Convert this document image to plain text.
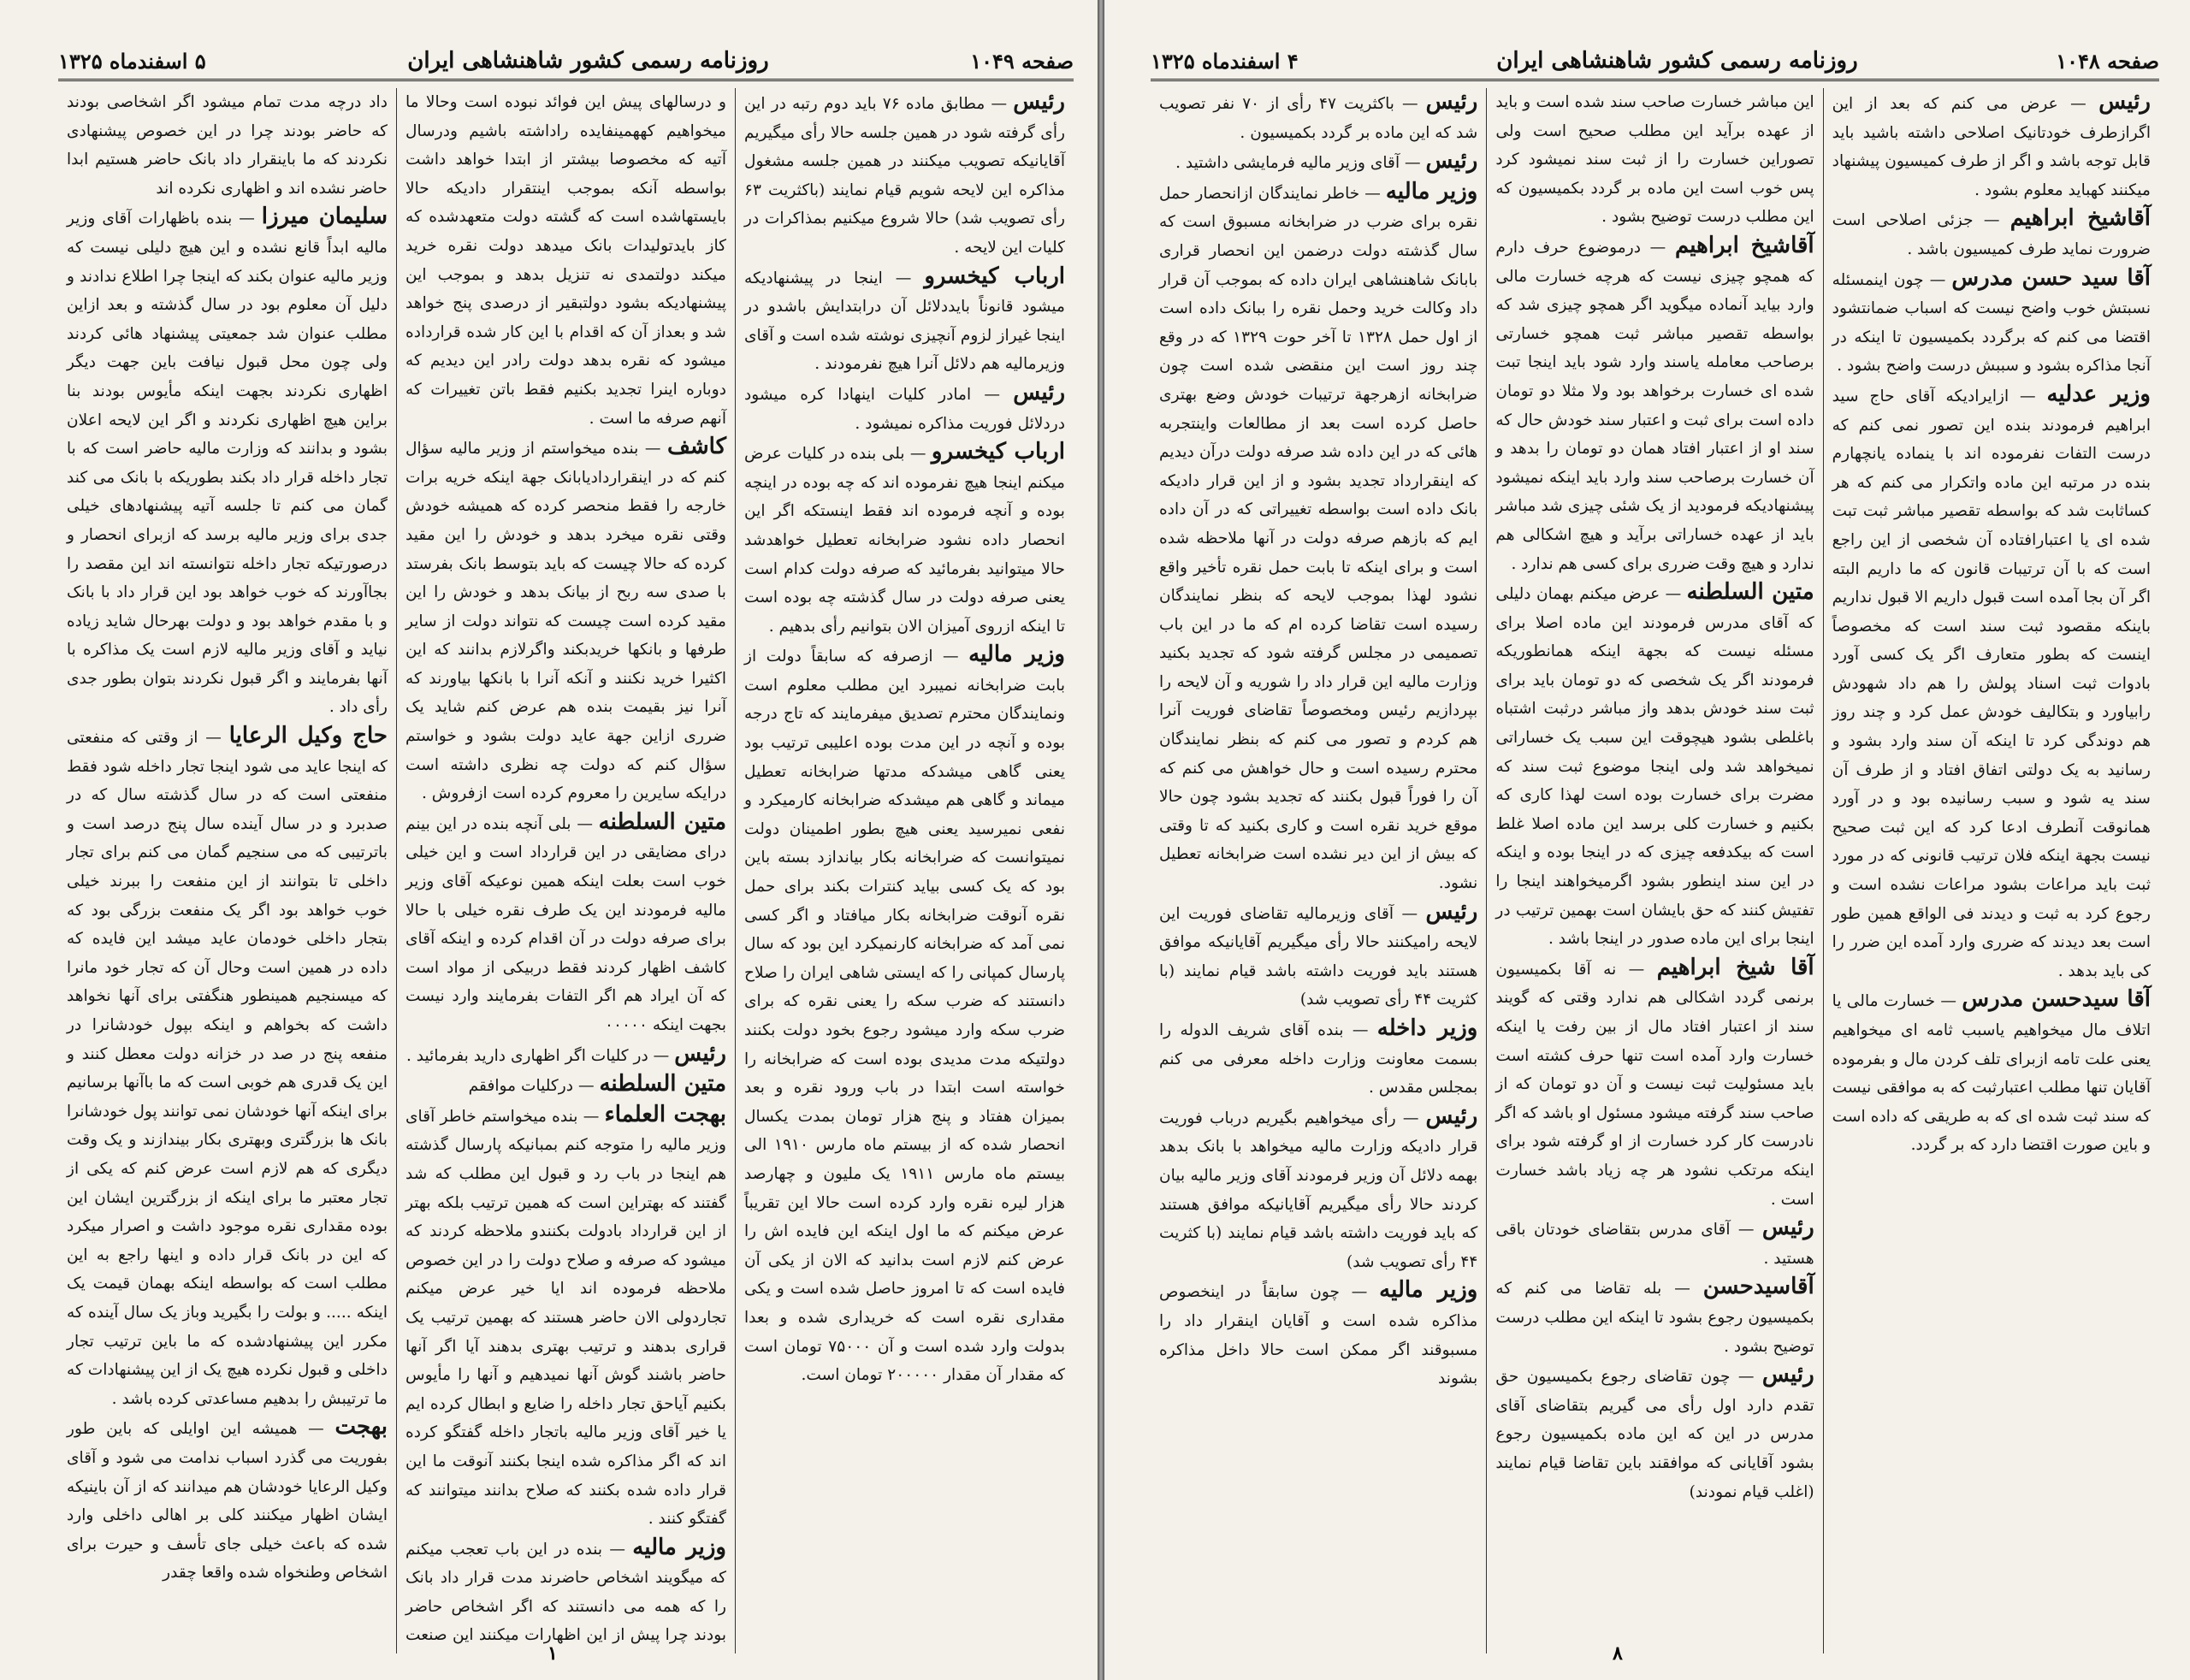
صفحه ۱۰۴۹
روزنامه رسمی کشور شاهنشاهی ایران
۵ اسفندماه ۱۳۲۵

رئیس — مطابق ماده ۷۶ باید دوم رتبه در این رأی گرفته شود در همین جلسه حالا رأی میگیریم آقایانیکه تصویب میکنند در همین جلسه مشغول مذاکره این لایحه شویم قیام نمایند (باکثریت ۶۳ رأی تصویب شد) حالا شروع میکنیم بمذاکرات در کلیات این لایحه .

ارباب کیخسرو — اینجا در پیشنهادیکه میشود قانوناً بایددلائل آن درابتدایش باشدو در اینجا غیراز لزوم آنچیزی نوشته شده است و آقای وزیرمالیه هم دلائل آنرا هیچ نفرمودند .

رئیس — امادر کلیات اینهادا کره میشود دردلائل فوریت مذاکره نمیشود .

ارباب کیخسرو — بلی بنده در کلیات عرض میکنم اینجا هیچ نفرموده اند که چه بوده در اینچه بوده و آنچه فرموده اند فقط اینستکه اگر این انحصار داده نشود ضرابخانه تعطیل خواهدشد حالا میتوانید بفرمائید که صرفه دولت کدام است یعنی صرفه دولت در سال گذشته چه بوده است تا اینکه ازروی آمیزان الان بتوانیم رأی بدهیم .

وزیر مالیه — ازصرفه که سابقاً دولت از بابت ضرابخانه نمیبرد این مطلب معلوم است ونمایندگان محترم تصدیق میفرمایند که تاج درجه بوده و آنچه در این مدت بوده اعلیبی ترتیب بود یعنی گاهی میشدکه مدتها ضرابخانه تعطیل میماند و گاهی هم میشدکه ضرابخانه کارمیکرد و نفعی نمیرسید یعنی هیچ بطور اطمینان دولت نمیتوانست که ضرابخانه بکار بیاندازد بسته باین بود که یک کسی بیاید کنترات بکند برای حمل نقره آنوقت ضرابخانه بکار میافتاد و اگر کسی نمی آمد که ضرابخانه کارنمیکرد این بود که سال پارسال کمپانی را که ایستی شاهی ایران را صلاح دانستند که ضرب سکه را یعنی نقره که برای ضرب سکه وارد میشود رجوع بخود دولت بکنند دولتیکه مدت مدیدی بوده است که ضرابخانه را خواسته است ابتدا در باب ورود نقره و بعد بمیزان هفتاد و پنج هزار تومان بمدت یکسال انحصار شده که از بیستم ماه مارس ۱۹۱۰ الی بیستم ماه مارس ۱۹۱۱ یک ملیون و چهارصد هزار لیره نقره وارد کرده است حالا این تقریباً عرض میکنم که ما اول اینکه این فایده اش را عرض کنم لازم است بدانید که الان از یکی آن فایده است که تا امروز حاصل شده است و یکی مقداری نقره است که خریداری شده و بعدا بدولت وارد شده است و آن ۷۵۰۰۰ تومان است که مقدار آن مقدار ۲۰۰۰۰۰ تومان است.

و درسالهای پیش این فوائد نبوده است وحالا ما میخواهیم کههمینفایده راداشته باشیم ودرسال آتیه که مخصوصا بیشتر از ابتدا خواهد داشت بواسطه آنکه بموجب اینتقرار دادیکه حالا بایستهاشده است که گشته دولت متعهدشده که کاز بایدتولیدات بانک میدهد دولت نقره خرید میکند دولتمدی نه تنزیل بدهد و بموجب این پیشنهادیکه بشود دولتبقیر از درصدی پنج خواهد شد و بعداز آن که اقدام با این کار شده قرارداده میشود که نقره بدهد دولت رادر این دیدیم که دوباره اینرا تجدید بکنیم فقط باتن تغییرات که آنهم صرفه ما است .

کاشف — بنده میخواستم از وزیر مالیه سؤال کنم که در اینقراردادیابانک جهة اینکه خریه برات خارجه را فقط منحصر کرده که همیشه خودش وقتی نقره میخرد بدهد و خودش را این مقید کرده که حالا چیست که باید بتوسط بانک بفرستد با صدی سه ربح از بیانک بدهد و خودش را این مقید کرده است چیست که نتواند دولت از سایر طرفها و بانکها خریدبکند واگرلازم بدانند که این اکثیرا خرید نکنند و آنکه آنرا با بانکها بیاورند که آنرا نیز بقیمت بنده هم عرض کنم شاید یک ضرری ازاین جهة عاید دولت بشود و خواستم سؤال کنم که دولت چه نظری داشته است درایکه سایرین را معروم کرده است ازفروش .

متین السلطنه — بلی آنچه بنده در این بینم درای مضایقی در این قرارداد است و این خیلی خوب است بعلت اینکه همین نوعیکه آقای وزیر مالیه فرمودند این یک طرف نقره خیلی با حالا برای صرفه دولت در آن اقدام کرده و اینکه آقای کاشف اظهار کردند فقط دربیکی از مواد است که آن ایراد هم اگر التفات بفرمایند وارد نیست بجهت اینکه ۰۰۰۰۰

رئیس — در کلیات اگر اظهاری دارید بفرمائید .

متین السلطنه — درکلیات موافقم

بهجت العلماء — بنده میخواستم خاطر آقای وزیر مالیه را متوجه کنم بمبانیکه پارسال گذشته هم اینجا در باب رد و قبول این مطلب که شد گفتند که بهتراین است که همین ترتیب بلکه بهتر از این قرارداد بادولت بکنندو ملاحظه کردند که میشود که صرفه و صلاح دولت را در این خصوص ملاحظه فرموده اند ایا خیر عرض میکنم تجاردولی الان حاضر هستند که بهمین ترتیب یک قراری بدهند و ترتیب بهتری بدهند آیا اگر آنها حاضر باشند گوش آنها نمیدهیم و آنها را مأیوس بکنیم آیاحق تجار داخله را ضایع و ابطال کرده ایم یا خیر آقای وزیر مالیه باتجار داخله گفتگو کرده اند که اگر مذاکره شده اینجا بکنند آنوقت ما این قرار داده شده بکنند که صلاح بدانند میتوانند که گفتگو کنند .

وزیر مالیه — بنده در این باب تعجب میکنم که میگویند اشخاص حاضرند مدت قرار داد بانک را که همه می دانستند که اگر اشخاص حاضر بودند چرا پیش از این اظهارات میکنند این صنعت

داد درچه مدت تمام میشود اگر اشخاصی بودند که حاضر بودند چرا در این خصوص پیشنهادی نکردند که ما باینقرار داد بانک حاضر هستیم ابدا حاضر نشده اند و اظهاری نکرده اند

سلیمان میرزا — بنده باظهارات آقای وزیر مالیه ابداً قانع نشده و این هیچ دلیلی نیست که وزیر مالیه عنوان بکند که اینجا چرا اطلاع ندادند و دلیل آن معلوم بود در سال گذشته و بعد ازاین مطلب عنوان شد جمعیتی پیشنهاد هائی کردند ولی چون محل قبول نیافت باین جهت دیگر اظهاری نکردند بجهت اینکه مأیوس بودند بنا براین هیچ اظهاری نکردند و اگر این لایحه اعلان بشود و بدانند که وزارت مالیه حاضر است که با تجار داخله قرار داد بکند بطوریکه با بانک می کند گمان می کنم تا جلسه آتیه پیشنهادهای خیلی جدی برای وزیر مالیه برسد که ازبرای انحصار و درصورتیکه تجار داخله نتوانسته اند این مقصد را بجاآورند که خوب خواهد بود این قرار داد با بانک و با مقدم خواهد بود و دولت بهرحال شاید زیاده نیاید و آقای وزیر مالیه لازم است یک مذاکره با آنها بفرمایند و اگر قبول نکردند بتوان بطور جدی رأی داد .

حاج وکیل الرعایا — از وقتی که منفعتی که اینجا عاید می شود اینجا تجار داخله شود فقط منفعتی است که در سال گذشته سال که در صدبرد و در سال آینده سال پنج درصد است و باترتیبی که می سنجیم گمان می کنم برای تجار داخلی تا بتوانند از این منفعت را ببرند خیلی خوب خواهد بود اگر یک منفعت بزرگی بود که بتجار داخلی خودمان عاید میشد این فایده که داده در همین است وحال آن که تجار خود مانرا که میسنجیم همینطور هنگفتی برای آنها نخواهد داشت که بخواهم و اینکه بپول خودشانرا در منفعه پنج در صد در خزانه دولت معطل کنند و این یک قدری هم خوبی است که ما باآنها برسانیم برای اینکه آنها خودشان نمی توانند پول خودشانرا بانک ها بزرگتری وبهتری بکار بیندازند و یک وقت دیگری که هم لازم است عرض کنم که یکی از تجار معتبر ما برای اینکه از بزرگترین ایشان این بوده مقداری نقره موجود داشت و اصرار میکرد که این در بانک قرار داده و اینها راجع به این مطلب است که بواسطه اینکه بهمان قیمت یک اینکه ..... و بولت را بگیرید وباز یک سال آینده که مکرر این پیشنهادشده که ما باین ترتیب تجار داخلی و قبول نکرده هیچ یک از این پیشنهادات که ما ترتیبش را بدهیم مساعدتی کرده باشد .

بهجت — همیشه این اوایلی که باین طور بفوریت می گذرد اسباب ندامت می شود و آقای وکیل الرعایا خودشان هم میدانند که از آن باینیکه ایشان اظهار میکنند کلی بر اهالی داخلی وارد شده که باعث خیلی جای تأسف و حیرت برای اشخاص وطنخواه شده واقعا چقدر

۱
صفحه ۱۰۴۸
روزنامه رسمی کشور شاهنشاهی ایران
۴ اسفندماه ۱۳۲۵

رئیس — عرض می کنم که بعد از این اگرازطرف خودتانیک اصلاحی داشته باشید باید قابل توجه باشد و اگر از طرف کمیسیون پیشنهاد میکنند کهباید معلوم بشود .

آقاشیخ ابراهیم — جزئی اصلاحی است ضرورت نماید طرف کمیسیون باشد .

آقا سید حسن مدرس — چون اینمسئله نسبتش خوب واضح نیست که اسباب ضمانتشود اقتضا می کنم که برگردد بکمیسیون تا اینکه در آنجا مذاکره بشود و سببش درست واضح بشود .

وزیر عدلیه — ازایرادیکه آقای حاج سید ابراهیم فرمودند بنده این تصور نمی کنم که درست التفات نفرموده اند با ینماده یانچهارم بنده در مرتبه این ماده واتکرار می کنم که هر کساثابت شد که بواسطه تقصیر مباشر ثبت تبت شده ای یا اعتبارافتاده آن شخصی از این راجع است که با آن ترتیبات قانون که ما داریم البته اگر آن بجا آمده است قبول داریم الا قبول نداریم باینکه مقصود ثبت سند است که مخصوصاً اینست که بطور متعارف اگر یک کسی آورد بادوات ثبت اسناد پولش را هم داد شهودش رابیاورد و بتکالیف خودش عمل کرد و چند روز هم دوندگی کرد تا اینکه آن سند وارد بشود و رسانید به یک دولتی اتفاق افتاد و از طرف آن سند یه شود و سبب رسانیده بود و در آورد همانوقت آنطرف ادعا کرد که این ثبت صحیح نیست بجهة اینکه فلان ترتیب قانونی که در مورد ثبت باید مراعات بشود مراعات نشده است و رجوع کرد به ثبت و دیدند فی الواقع همین طور است بعد دیدند که ضرری وارد آمده این ضرر را کی باید بدهد .

آقا سیدحسن مدرس — خسارت مالی یا اتلاف مال میخواهیم یاسبب ثامه ای میخواهیم یعنی علت تامه ازبرای تلف کردن مال و بفرموده آقایان تنها مطلب اعتبارثبت که به موافقی نیست که سند ثبت شده ای که به طریقی که داده است و باین صورت اقتضا دارد که بر گردد.

این مباشر خسارت صاحب سند شده است و باید از عهده برآید این مطلب صحیح است ولی تصوراین خسارت را از ثبت سند نمیشود کرد پس خوب است این ماده بر گردد بکمیسیون که این مطلب درست توضیح بشود .

آقاشیخ ابراهیم — درموضوع حرف دارم که همچو چیزی نیست که هرچه خسارت مالی وارد بیاید آنماده میگوید اگر همچو چیزی شد که بواسطه تقصیر مباشر ثبت همچو خسارتی برصاحب معامله یاسند وارد شود باید اینجا تبت شده ای خسارت برخواهد بود ولا مثلا دو تومان داده است برای ثبت و اعتبار سند خودش حال که سند او از اعتبار افتاد همان دو تومان را بدهد و آن خسارت برصاحب سند وارد باید اینکه نمیشود پیشنهادیکه فرمودید از یک شئی چیزی شد مباشر باید از عهده خساراتی برآید و هیچ اشکالی هم ندارد و هیچ وقت ضرری برای کسی هم ندارد .

متین السلطنه — عرض میکنم بهمان دلیلی که آقای مدرس فرمودند این ماده اصلا برای مسئله نیست که بجهة اینکه همانطوریکه فرمودند اگر یک شخصی که دو تومان باید برای ثبت سند خودش بدهد واز مباشر درثبت اشتباه باغلطی بشود هیچوقت این سبب یک خساراتی نمیخواهد شد ولی اینجا موضوع ثبت سند که مضرت برای خسارت بوده است لهذا کاری که بکنیم و خسارت کلی برسد این ماده اصلا غلط است که بیکدفعه چیزی که در اینجا بوده و اینکه در این سند اینطور بشود اگرمیخواهند اینجا را تفتیش کنند که حق بایشان است بهمین ترتیب در اینجا برای این ماده صدور در اینجا باشد .

آقا شیخ ابراهیم — نه آقا بکمیسیون برنمی گردد اشکالی هم ندارد وقتی که گویند سند از اعتبار افتاد مال از بین رفت یا اینکه خسارت وارد آمده است تنها حرف کشته است باید مسئولیت ثبت نیست و آن دو تومان که از صاحب سند گرفته میشود مسئول او باشد که اگر نادرست کار کرد خسارت از او گرفته شود برای اینکه مرتکب نشود هر چه زیاد باشد خسارت است .

رئیس — آقای مدرس بتقاضای خودتان باقی هستید .

آقاسیدحسن — بله تقاضا می کنم که بکمیسیون رجوع بشود تا اینکه این مطلب درست توضیح بشود .

رئیس — چون تقاضای رجوع بکمیسیون حق تقدم دارد اول رأی می گیریم بتقاضای آقای مدرس در این که این ماده بکمیسیون رجوع بشود آقایانی که موافقند باین تقاضا قیام نمایند (اغلب قیام نمودند)

رئیس — باکثریت ۴۷ رأی از ۷۰ نفر تصویب شد که این ماده بر گردد بکمیسیون .

رئیس — آقای وزیر مالیه فرمایشی داشتید .

وزیر مالیه — خاطر نمایندگان ازانحصار حمل نقره برای ضرب در ضرابخانه مسبوق است که سال گذشته دولت درضمن این انحصار قراری بابانک شاهنشاهی ایران داده که بموجب آن قرار داد وکالت خرید وحمل نقره را ببانک داده است از اول حمل ۱۳۲۸ تا آخر حوت ۱۳۲۹ که در وقع چند روز است این منقضی شده است چون ضرابخانه ازهرجهة ترتیبات خودش وضع بهتری حاصل کرده است بعد از مطالعات واینتجربه هائی که در این داده شد صرفه دولت درآن دیدیم که اینقرارداد تجدید بشود و از این قرار دادیکه بانک داده است بواسطه تغییراتی که در آن داده ایم که بازهم صرفه دولت در آنها ملاحظه شده است و برای اینکه تا بابت حمل نقره تأخیر واقع نشود لهذا بموجب لایحه که بنظر نمایندگان رسیده است تقاضا کرده ام که ما در این باب تصمیمی در مجلس گرفته شود که تجدید بکنید وزارت مالیه این قرار داد را شوریه و آن لایحه را بپردازیم رئیس ومخصوصاً تقاضای فوریت آنرا هم کردم و تصور می کنم که بنظر نمایندگان محترم رسیده است و حال خواهش می کنم که آن را فوراً قبول بکنند که تجدید بشود چون حالا موقع خرید نقره است و کاری بکنید که تا وقتی که بیش از این دیر نشده است ضرابخانه تعطیل نشود.

رئیس — آقای وزیرمالیه تقاضای فوریت این لایحه رامیکنند حالا رأی میگیریم آقایانیکه موافق هستند باید فوریت داشته باشد قیام نمایند (با کثریت ۴۴ رأی تصویب شد)

وزیر داخله — بنده آقای شریف الدوله را بسمت معاونت وزارت داخله معرفی می کنم بمجلس مقدس .

رئیس — رأی میخواهیم بگیریم درباب فوریت قرار دادیکه وزارت مالیه میخواهد با بانک بدهد بهمه دلائل آن وزیر فرمودند آقای وزیر مالیه بیان کردند حالا رأی میگیریم آقایانیکه موافق هستند که باید فوریت داشته باشد قیام نمایند (با کثریت ۴۴ رأی تصویب شد)

وزیر مالیه — چون سابقاً در اینخصوص مذاکره شده است و آقایان اینقرار داد را مسبوقند اگر ممکن است حالا داخل مذاکره بشوند

۸
